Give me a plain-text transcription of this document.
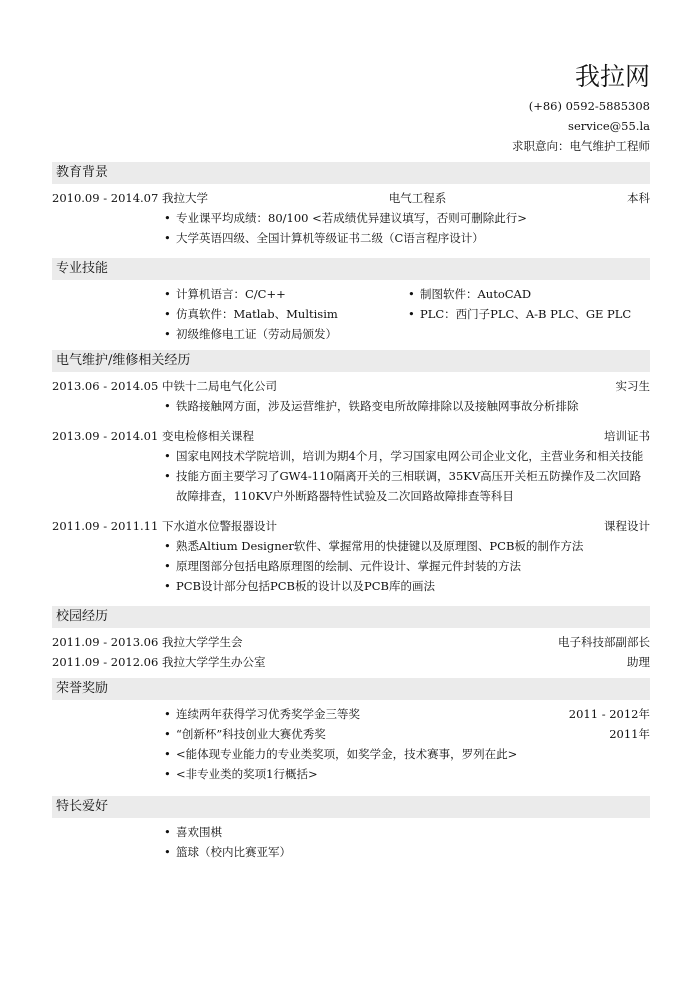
我拉网
(+86) 0592-5885308
service@55.la
求职意向：电气维护工程师
教育背景
2010.09 - 2014.07 我拉大学	电气工程系	本科
• 专业课平均成绩：80/100 <若成绩优异建议填写，否则可删除此行>
• 大学英语四级、全国计算机等级证书二级（C语言程序设计）
专业技能
• 计算机语言：C/C++
• 仿真软件：Matlab、Multisim
• 初级维修电工证（劳动局颁发）
• 制图软件：AutoCAD
• PLC：西门子PLC、A-B PLC、GE PLC
电气维护/维修相关经历
2013.06 - 2014.05 中铁十二局电气化公司	实习生
• 铁路接触网方面，涉及运营维护，铁路变电所故障排除以及接触网事故分析排除
2013.09 - 2014.01 变电检修相关课程	培训证书
• 国家电网技术学院培训，培训为期4个月，学习国家电网公司企业文化，主营业务和相关技能
• 技能方面主要学习了GW4-110隔离开关的三相联调，35KV高压开关柜五防操作及二次回路故障排查，110KV户外断路器特性试验及二次回路故障排查等科目
2011.09 - 2011.11 下水道水位警报器设计	课程设计
• 熟悉Altium Designer软件、掌握常用的快捷键以及原理图、PCB板的制作方法
• 原理图部分包括电路原理图的绘制、元件设计、掌握元件封装的方法
• PCB设计部分包括PCB板的设计以及PCB库的画法
校园经历
2011.09 - 2013.06 我拉大学学生会	电子科技部副部长
2011.09 - 2012.06 我拉大学学生办公室	助理
荣誉奖励
• 连续两年获得学习优秀奖学金三等奖	2011 - 2012年
• “创新杯”科技创业大赛优秀奖	2011年
• <能体现专业能力的专业类奖项，如奖学金，技术赛事，罗列在此>
• <非专业类的奖项1行概括>
特长爱好
• 喜欢围棋
• 篮球（校内比赛亚军）
